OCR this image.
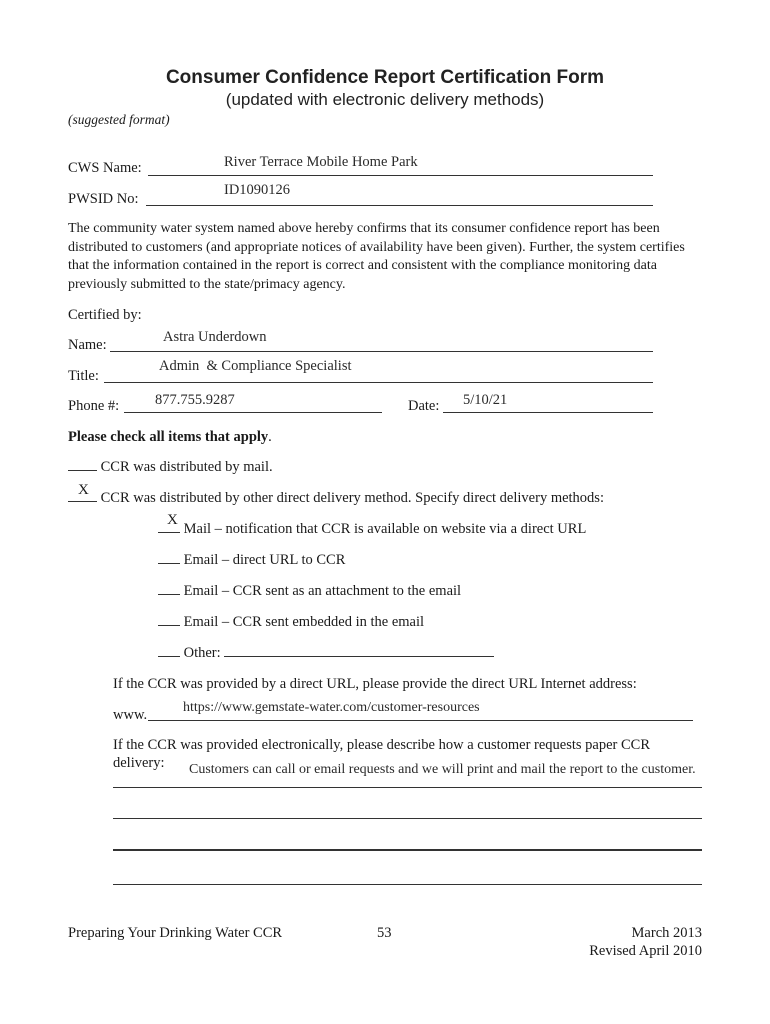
Consumer Confidence Report Certification Form
(updated with electronic delivery methods)
(suggested format)
CWS Name:	River Terrace Mobile Home Park
PWSID No:
ID1090126
The community water system named above hereby confirms that its consumer confidence report has been distributed to customers (and appropriate notices of availability have been given). Further, the system certifies that the information contained in the report is correct and consistent with the compliance monitoring data previously submitted to the state/primacy agency.
Certified by:
Name:	Astra Underdown
Title:
Admin  & Compliance Specialist
Phone #: 877.755.9287	Date: 5/10/21
Please check all items that apply.
CCR was distributed by mail.
X CCR was distributed by other direct delivery method. Specify direct delivery methods:
X
Mail – notification that CCR is available on website via a direct URL
Email – direct URL to CCR
Email – CCR sent as an attachment to the email
Email – CCR sent embedded in the email
Other:
If the CCR was provided by a direct URL, please provide the direct URL Internet address:
www.	https://www.gemstate-water.com/customer-resources
If the CCR was provided electronically, please describe how a customer requests paper CCR
delivery: Customers can call or email requests and we will print and mail the report to the customer.
Preparing Your Drinking Water CCR	53	March 2013
Revised April 2010
